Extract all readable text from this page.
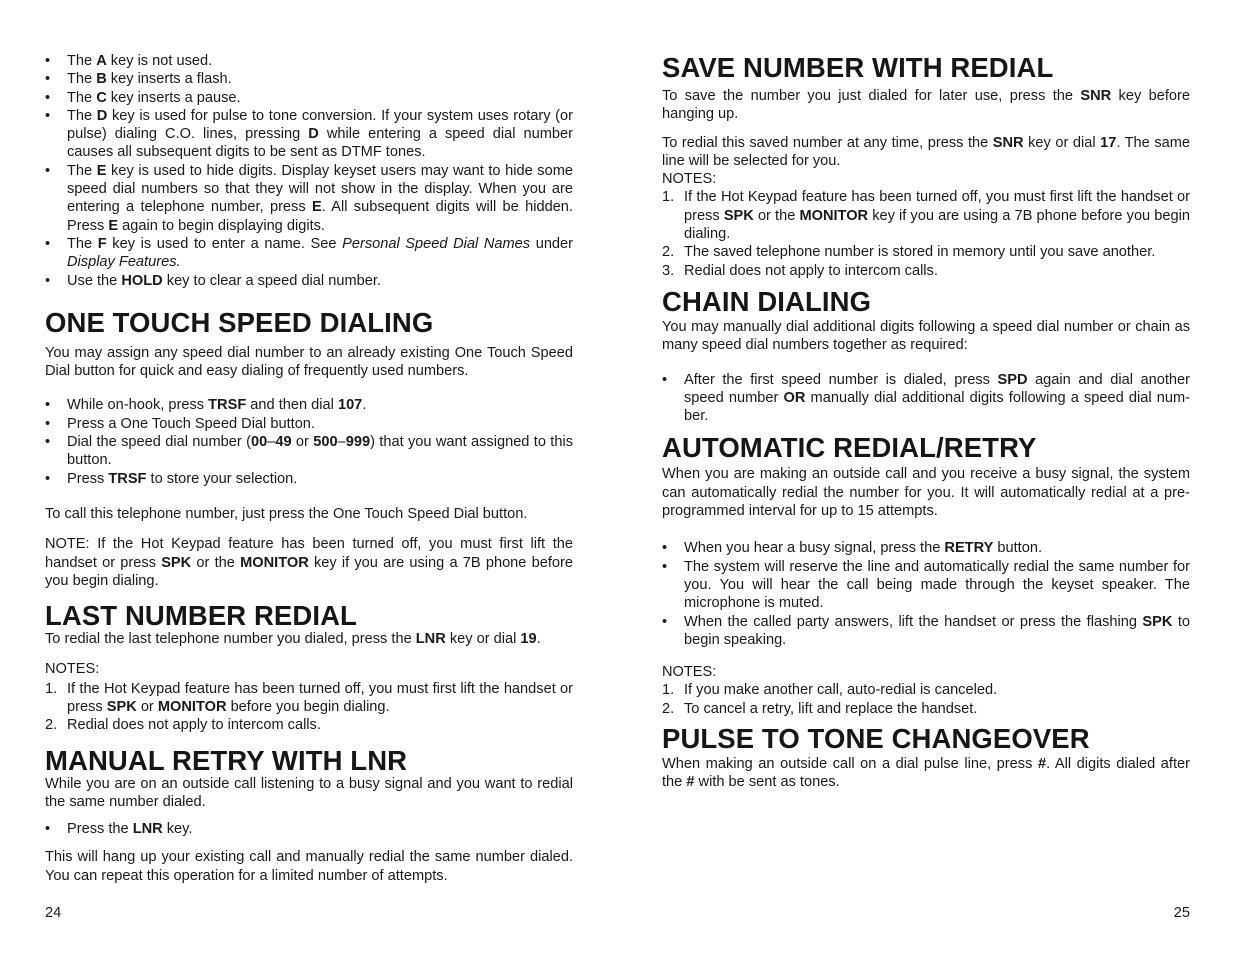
• The A key is not used.
• The B key inserts a flash.
• The C key inserts a pause.
• The D key is used for pulse to tone conversion. If your system uses rotary (or pulse) dialing C.O. lines, pressing D while entering a speed dial number causes all subsequent digits to be sent as DTMF tones.
• The E key is used to hide digits. Display keyset users may want to hide some speed dial numbers so that they will not show in the display. When you are entering a telephone number, press E. All subsequent digits will be hidden. Press E again to begin displaying digits.
• The F key is used to enter a name. See Personal Speed Dial Names under Display Features.
• Use the HOLD key to clear a speed dial number.
ONE TOUCH SPEED DIALING

You may assign any speed dial number to an already existing One Touch Speed Dial button for quick and easy dialing of frequently used numbers.

• While on-hook, press TRSF and then dial 107.
• Press a One Touch Speed Dial button.
• Dial the speed dial number (00–49 or 500–999) that you want assigned to this button.
• Press TRSF to store your selection.

To call this telephone number, just press the One Touch Speed Dial button.

NOTE: If the Hot Keypad feature has been turned off, you must first lift the handset or press SPK or the MONITOR key if you are using a 7B phone before you begin dialing.

LAST NUMBER REDIAL

To redial the last telephone number you dialed, press the LNR key or dial 19.

NOTES:

1. If the Hot Keypad feature has been turned off, you must first lift the handset or press SPK or MONITOR before you begin dialing.
2. Redial does not apply to intercom calls.
MANUAL RETRY WITH LNR

While you are on an outside call listening to a busy signal and you want to redial the same number dialed.

• Press the LNR key.

This will hang up your existing call and manually redial the same number dialed. You can repeat this operation for a limited number of attempts.

SAVE NUMBER WITH REDIAL

To save the number you just dialed for later use, press the SNR key before hanging up.

To redial this saved number at any time, press the SNR key or dial 17. The same line will be selected for you.

NOTES:

1. If the Hot Keypad feature has been turned off, you must first lift the handset or press SPK or the MONITOR key if you are using a 7B phone before you begin dialing.
2. The saved telephone number is stored in memory until you save another.
3. Redial does not apply to intercom calls.
CHAIN DIALING

You may manually dial additional digits following a speed dial number or chain as many speed dial numbers together as required:

• After the first speed number is dialed, press SPD again and dial another speed number OR manually dial additional digits following a speed dial number.
AUTOMATIC REDIAL/RETRY

When you are making an outside call and you receive a busy signal, the system can automatically redial the number for you. It will automatically redial at a preprogrammed interval for up to 15 attempts.

• When you hear a busy signal, press the RETRY button.
• The system will reserve the line and automatically redial the same number for you. You will hear the call being made through the keyset speaker. The microphone is muted.
• When the called party answers, lift the handset or press the flashing SPK to begin speaking.

NOTES:

1. If you make another call, auto-redial is canceled.
2. To cancel a retry, lift and replace the handset.
PULSE TO TONE CHANGEOVER

When making an outside call on a dial pulse line, press #. All digits dialed after the # with be sent as tones.

24	25
